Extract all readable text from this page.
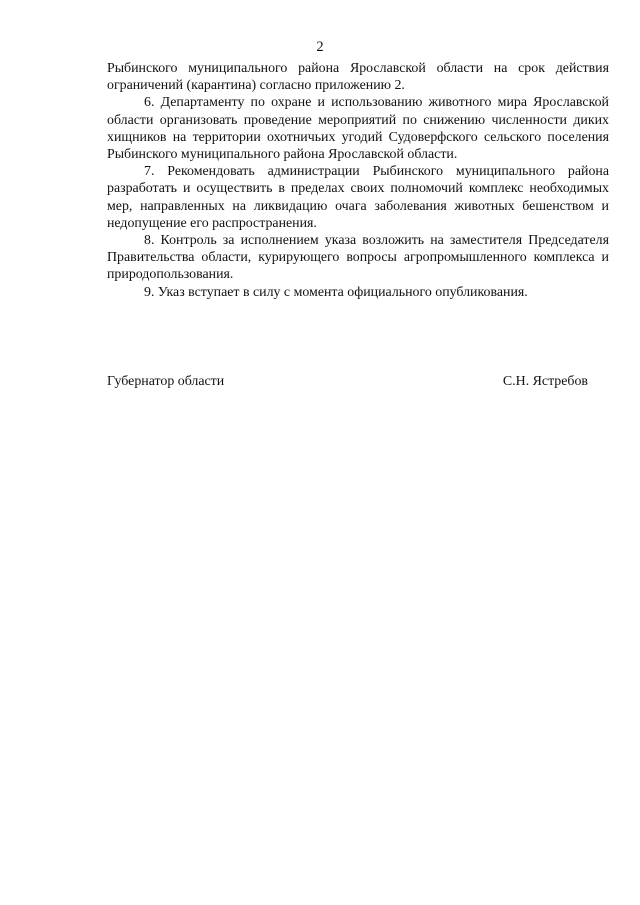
2

Рыбинского муниципального района Ярославской области на срок действия ограничений (карантина) согласно приложению 2.

6. Департаменту по охране и использованию животного мира Ярославской области организовать проведение мероприятий по снижению численности диких хищников на территории охотничьих угодий Судоверфского сельского поселения Рыбинского муниципального района Ярославской области.

7. Рекомендовать администрации Рыбинского муниципального района разработать и осуществить в пределах своих полномочий комплекс необходимых мер, направленных на ликвидацию очага заболевания животных бешенством и недопущение его распространения.

8. Контроль за исполнением указа возложить на заместителя Председателя Правительства области, курирующего вопросы агропромышленного комплекса и природопользования.

9. Указ вступает в силу с момента официального опубликования.

Губернатор области	С.Н. Ястребов
